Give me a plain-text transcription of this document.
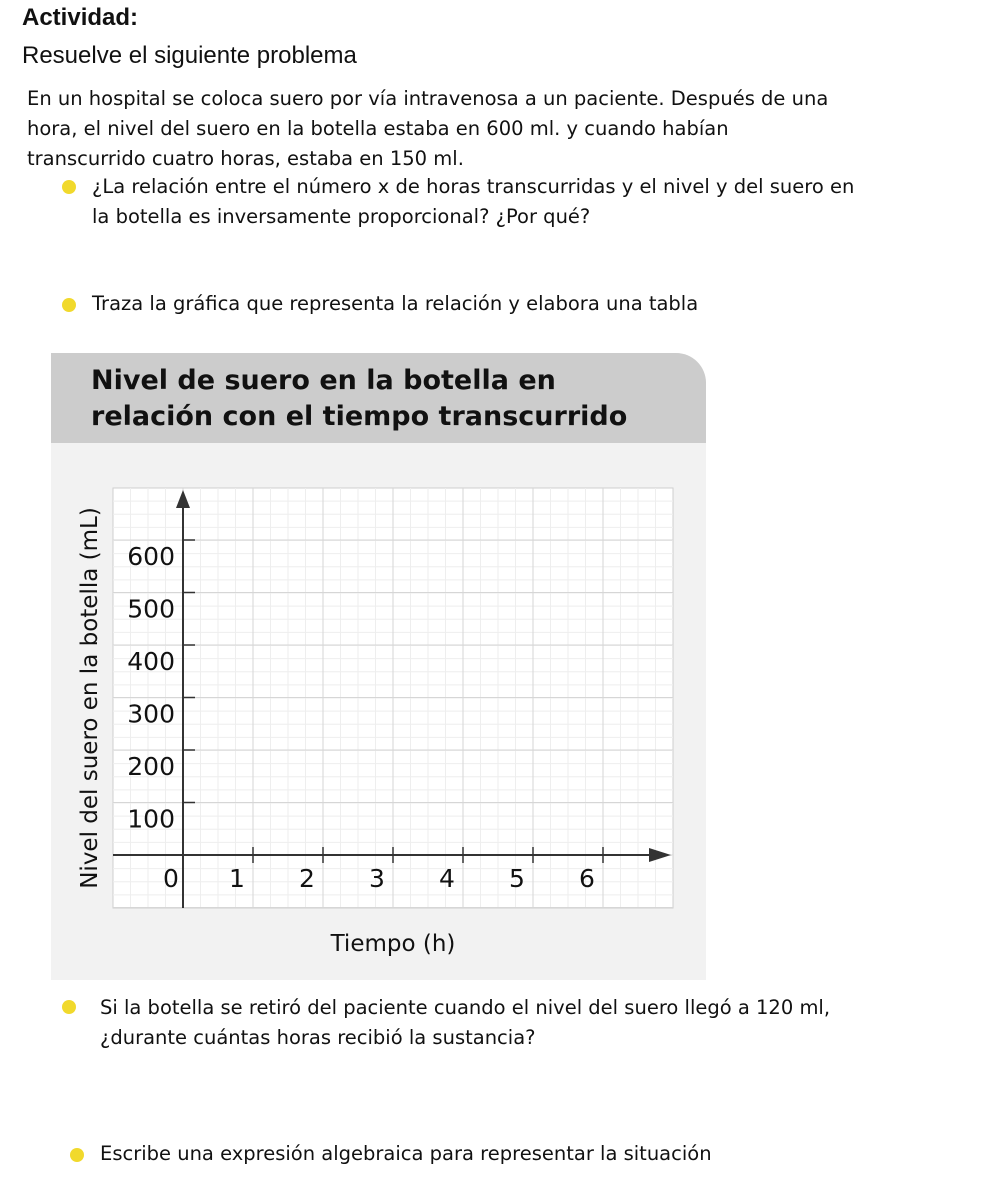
Actividad:
Resuelve el siguiente problema
En un hospital se coloca suero por vía intravenosa a un paciente. Después de una
hora, el nivel del suero en la botella estaba en 600 ml. y cuando habían
transcurrido cuatro horas, estaba en 150 ml.
¿La relación entre el número x de horas transcurridas y el nivel y del suero en
la botella es inversamente proporcional? ¿Por qué?
Traza la gráfica que representa la relación y elabora una tabla
Nivel de suero en la botella en
relación con el tiempo transcurrido
0 1 2 3 4 5 6
100
200
300
400
500
600
Tiempo (h)
Nivel del suero en la botella (mL)
Si la botella se retiró del paciente cuando el nivel del suero llegó a 120 ml,
¿durante cuántas horas recibió la sustancia?
Escribe una expresión algebraica para representar la situación
